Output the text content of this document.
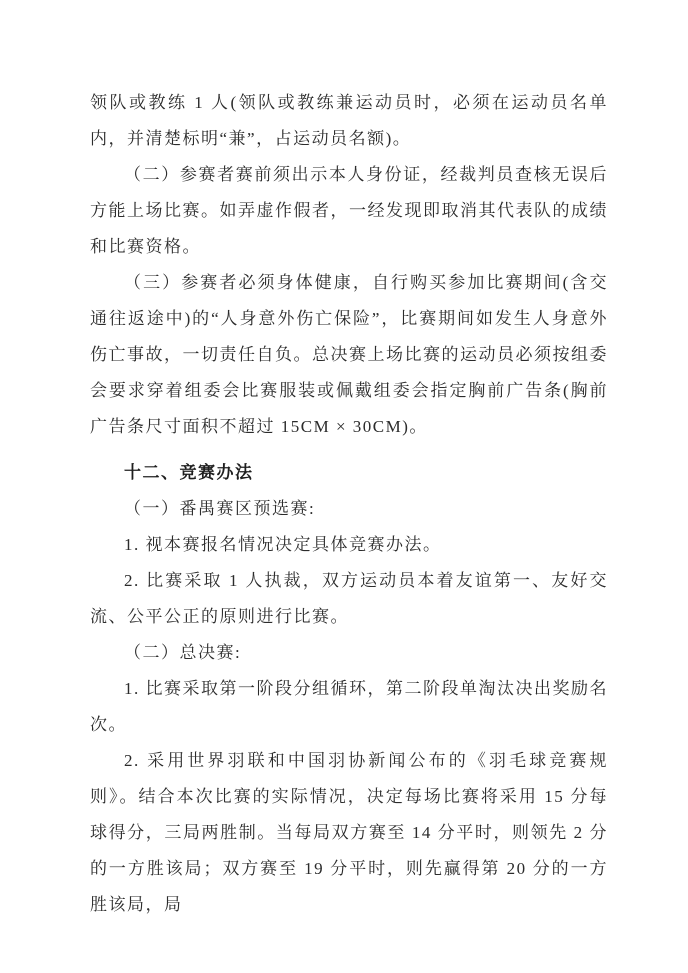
领队或教练 1 人(领队或教练兼运动员时，必须在运动员名单内，并清楚标明“兼”，占运动员名额)。

（二）参赛者赛前须出示本人身份证，经裁判员查核无误后方能上场比赛。如弄虚作假者，一经发现即取消其代表队的成绩和比赛资格。

（三）参赛者必须身体健康，自行购买参加比赛期间(含交通往返途中)的“人身意外伤亡保险”，比赛期间如发生人身意外伤亡事故，一切责任自负。总决赛上场比赛的运动员必须按组委会要求穿着组委会比赛服装或佩戴组委会指定胸前广告条(胸前广告条尺寸面积不超过 15CM × 30CM)。

十二、竞赛办法

（一）番禺赛区预选赛:

1. 视本赛报名情况决定具体竞赛办法。

2. 比赛采取 1 人执裁，双方运动员本着友谊第一、友好交流、公平公正的原则进行比赛。

（二）总决赛:

1. 比赛采取第一阶段分组循环，第二阶段单淘汰决出奖励名次。

2. 采用世界羽联和中国羽协新闻公布的《羽毛球竞赛规则》。结合本次比赛的实际情况，决定每场比赛将采用 15 分每球得分，三局两胜制。当每局双方赛至 14 分平时，则领先 2 分的一方胜该局；双方赛至 19 分平时，则先赢得第 20 分的一方胜该局，局
